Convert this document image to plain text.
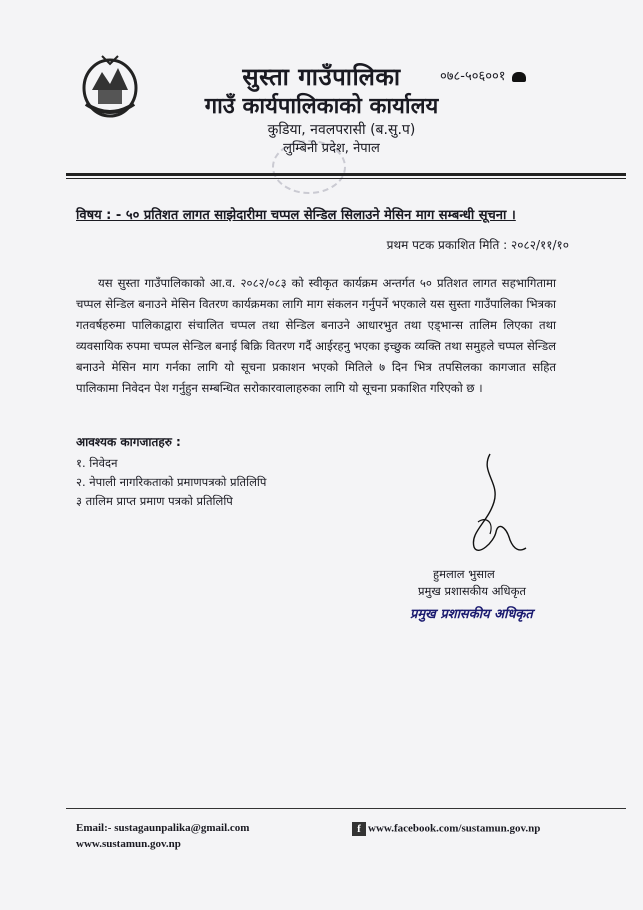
सुस्ता गाउँपालिका
गाउँ कार्यपालिकाको कार्यालय
कुडिया, नवलपरासी (ब.सु.प)
लुम्बिनी प्रदेश, नेपाल
०७८-५०६००१
विषय : - ५० प्रतिशत लागत साझेदारीमा चप्पल सेन्डिल सिलाउने मेसिन माग सम्बन्धी सूचना ।
प्रथम पटक प्रकाशित मिति : २०८२/११/१०
यस सुस्ता गाउँपालिकाको आ.व. २०८२/०८३ को स्वीकृत कार्यक्रम अन्तर्गत ५० प्रतिशत लागत सहभागितामा चप्पल सेन्डिल बनाउने मेसिन वितरण कार्यक्रमका लागि माग संकलन गर्नुपर्ने भएकाले यस सुस्ता गाउँपालिका भित्रका गतवर्षहरुमा पालिकाद्वारा संचालित चप्पल तथा सेन्डिल बनाउने आधारभुत तथा एड्भान्स तालिम लिएका तथा व्यवसायिक रुपमा चप्पल सेन्डिल बनाई बिक्रि वितरण गर्दै आईरहनु भएका इच्छुक व्यक्ति तथा समुहले चप्पल सेन्डिल बनाउने मेसिन माग गर्नका लागि यो सूचना प्रकाशन भएको मितिले ७ दिन भित्र तपसिलका कागजात सहित पालिकामा निवेदन पेश गर्नुहुन सम्बन्धित सरोकारवालाहरुका लागि यो सूचना प्रकाशित गरिएको छ ।
आवश्यक कागजातहरु :
१. निवेदन
२. नेपाली नागरिकताको प्रमाणपत्रको प्रतिलिपि
३ तालिम प्राप्त प्रमाण पत्रको प्रतिलिपि
हुमलाल भुसाल
प्रमुख प्रशासकीय अधिकृत
प्रमुख प्रशासकीय अधिकृत
Email:- sustagaunpalika@gmail.com
www.sustamun.gov.np
f www.facebook.com/sustamun.gov.np
